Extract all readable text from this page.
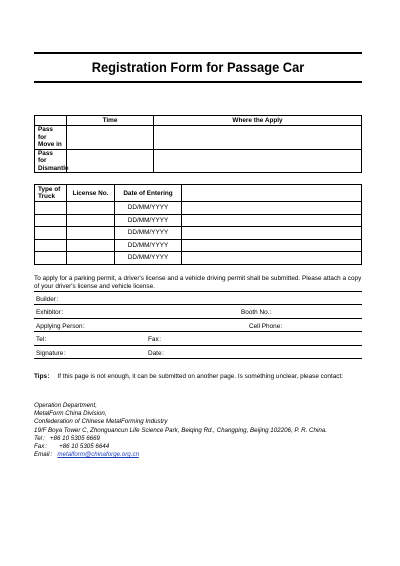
Registration Form for Passage Car
	Time	Where the Apply
Pass for Move in		
Pass for Dismantle		
Type of Truck	License No.	Date of Entering	
		DD/MM/YYYY	
		DD/MM/YYYY	
		DD/MM/YYYY	
		DD/MM/YYYY	
		DD/MM/YYYY	
To apply for a parking permit, a driver's license and a vehicle driving permit shall be submitted. Please attach a copy of your driver's license and vehicle license.
Builder：
Exhibitor：	Booth No.：
Applying Person：	Cell Phone：
Tel：	Fax：
Signature：	Date：
Tips： If this page is not enough, it can be submitted on another page. Is something unclear, please contact:
Operation Department,
MetalForm China Division,
Confederation of Chinese MetalForming Industry
19/F Boya Tower C, Zhonguancun Life Science Park, Beiqing Rd., Changping, Beijing 102206, P. R. China.
Tel： +86 10 5305 6669
Fax：     +86 10 5305 6644
Email： metalform@chinaforge.org.cn
